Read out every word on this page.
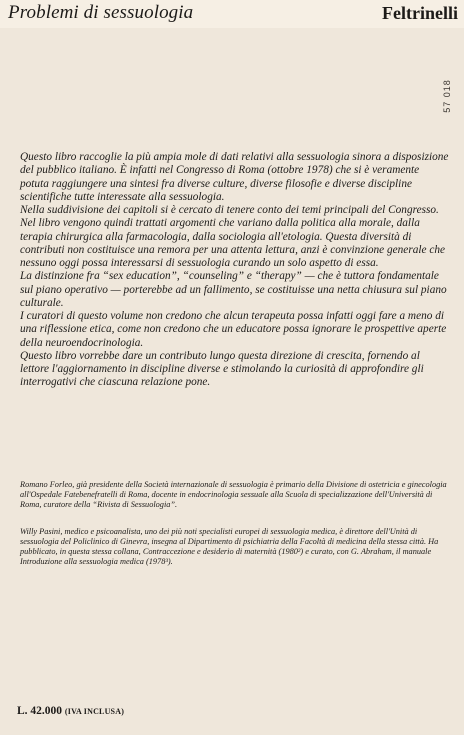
Problemi di sessuologia	Feltrinelli
57 018

Questo libro raccoglie la più ampia mole di dati relativi alla sessuologia sinora a disposizione del pubblico italiano. È infatti nel Congresso di Roma (ottobre 1978) che si è veramente potuta raggiungere una sintesi fra diverse culture, diverse filosofie e diverse discipline scientifiche tutte interessate alla sessuologia.

Nella suddivisione dei capitoli si è cercato di tenere conto dei temi principali del Congresso. Nel libro vengono quindi trattati argomenti che variano dalla politica alla morale, dalla terapia chirurgica alla farmacologia, dalla sociologia all'etologia. Questa diversità di contributi non costituisce una remora per una attenta lettura, anzi è convinzione generale che nessuno oggi possa interessarsi di sessuologia curando un solo aspetto di essa.

La distinzione fra “sex education”, “counseling” e “therapy” — che è tuttora fondamentale sul piano operativo — porterebbe ad un fallimento, se costituisse una netta chiusura sul piano culturale.

I curatori di questo volume non credono che alcun terapeuta possa infatti oggi fare a meno di una riflessione etica, come non credono che un educatore possa ignorare le prospettive aperte della neuroendocrinologia.

Questo libro vorrebbe dare un contributo lungo questa direzione di crescita, fornendo al lettore l'aggiornamento in discipline diverse e stimolando la curiosità di approfondire gli interrogativi che ciascuna relazione pone.

Romano Forleo, già presidente della Società internazionale di sessuologia è primario della Divisione di ostetricia e ginecologia all'Ospedale Fatebenefratelli di Roma, docente in endocrinologia sessuale alla Scuola di specializzazione dell'Università di Roma, curatore della “Rivista di Sessuologia”.

Willy Pasini, medico e psicoanalista, uno dei più noti specialisti europei di sessuologia medica, è direttore dell'Unità di sessuologia del Policlinico di Ginevra, insegna al Dipartimento di psichiatria della Facoltà di medicina della stessa città. Ha pubblicato, in questa stessa collana, Contraccezione e desiderio di maternità (1980²) e curato, con G. Abraham, il manuale Introduzione alla sessuologia medica (1978³).

L. 42.000 (IVA INCLUSA)
